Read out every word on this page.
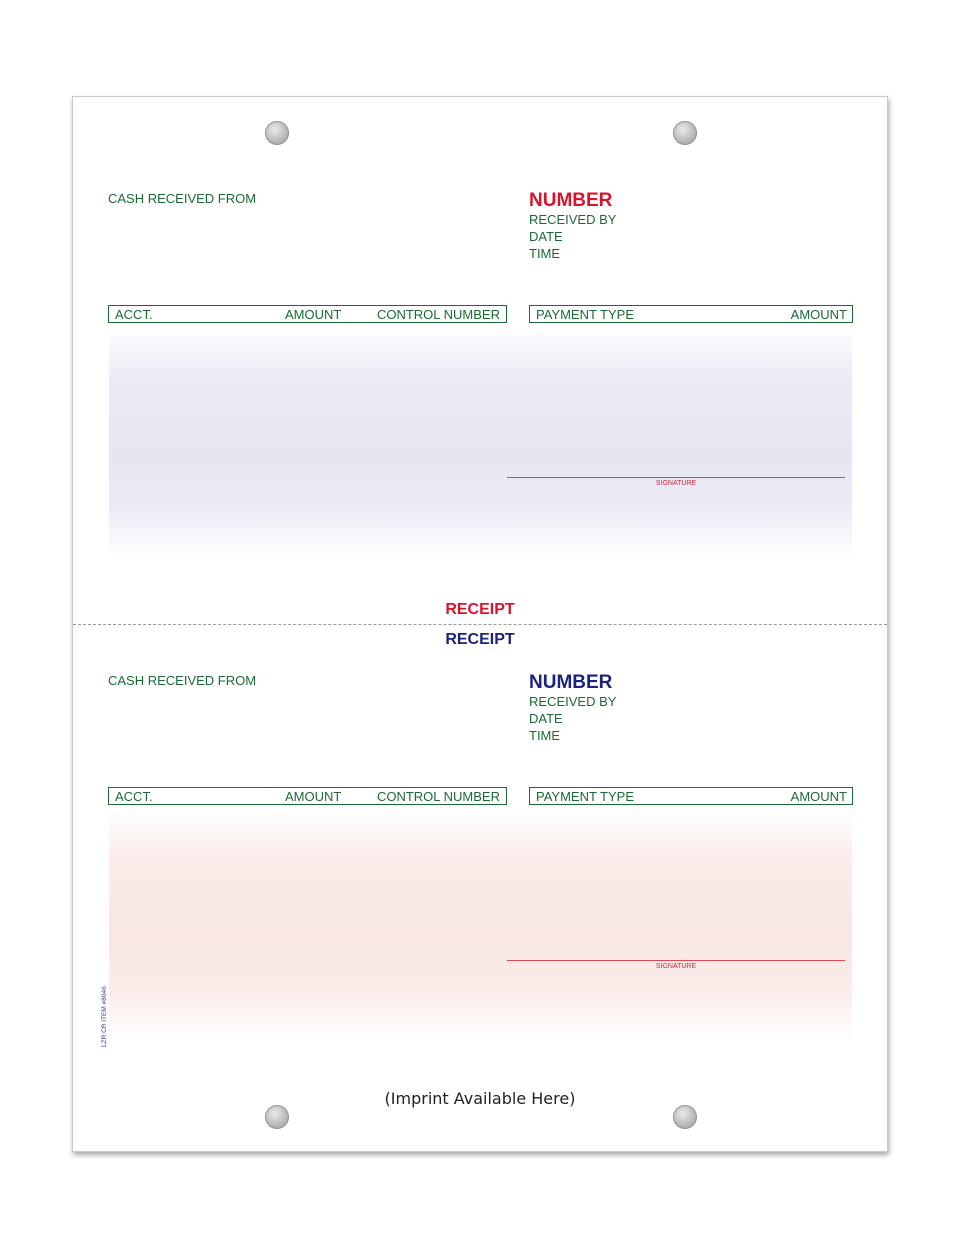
CASH RECEIVED FROM	NUMBER
RECEIVED BY
DATE
TIME
ACCT.	AMOUNT	CONTROL NUMBER	PAYMENT TYPE	AMOUNT
SIGNATURE
RECEIPT
RECEIPT
CASH RECEIVED FROM	NUMBER
RECEIVED BY
DATE
TIME
ACCT.	AMOUNT	CONTROL NUMBER	PAYMENT TYPE	AMOUNT
SIGNATURE
LZR CR ITEM #8046
(Imprint Available Here)
